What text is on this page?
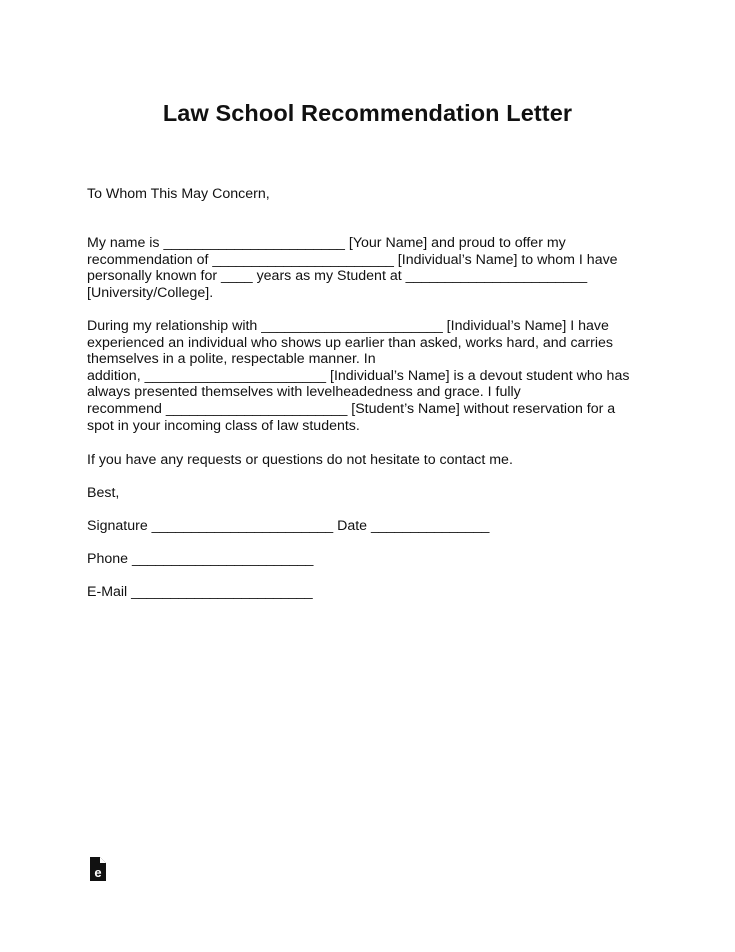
Law School Recommendation Letter
To Whom This May Concern,
My name is _______________________ [Your Name] and proud to offer my
recommendation of _______________________ [Individual’s Name] to whom I have
personally known for ____ years as my Student at _______________________
[University/College].
During my relationship with _______________________ [Individual’s Name] I have
experienced an individual who shows up earlier than asked, works hard, and carries
themselves in a polite, respectable manner. In
addition, _______________________ [Individual’s Name] is a devout student who has
always presented themselves with levelheadedness and grace. I fully
recommend _______________________ [Student’s Name] without reservation for a
spot in your incoming class of law students.
If you have any requests or questions do not hesitate to contact me.
Best,
Signature _______________________ Date _______________
Phone _______________________
E-Mail _______________________
e
